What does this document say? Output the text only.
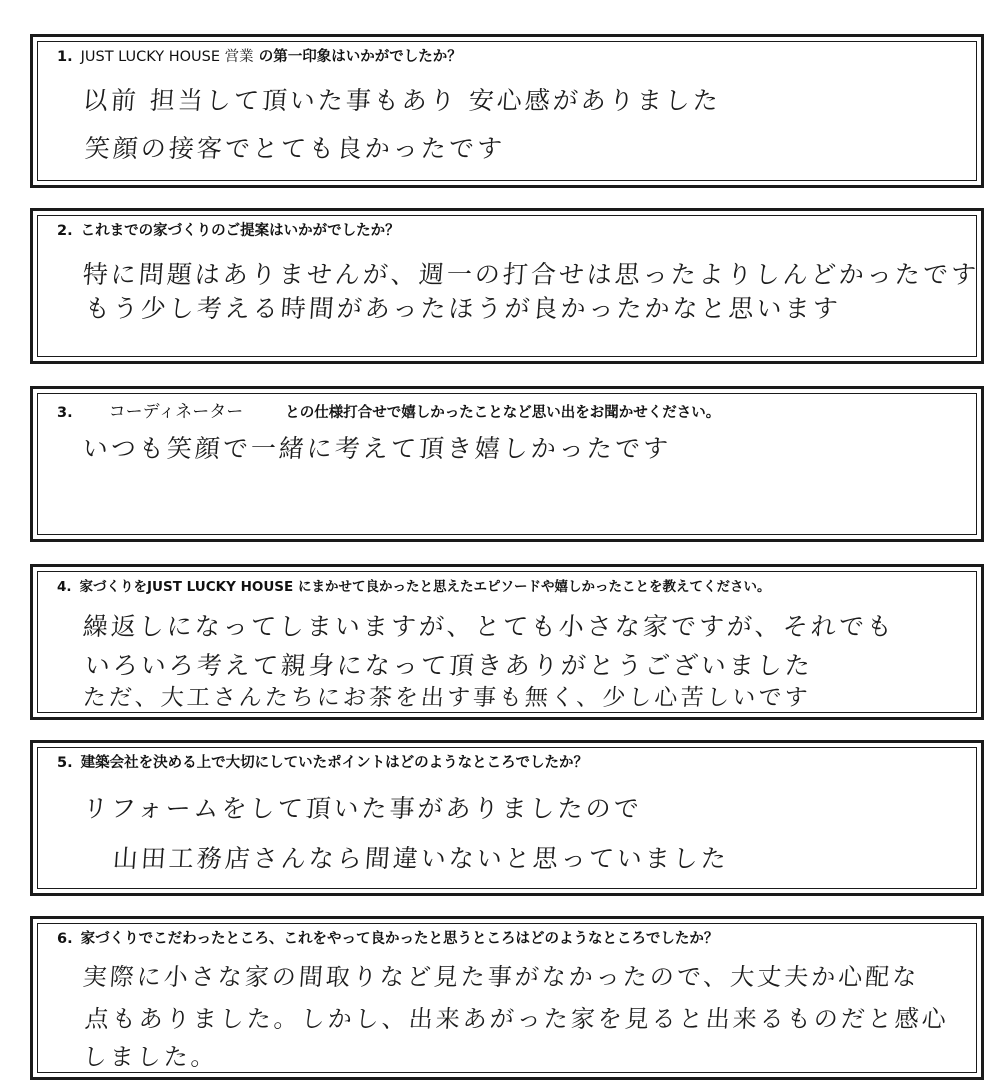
1. JUST LUCKY HOUSE 営業 の第一印象はいかがでしたか？
以前 担当して頂いた事もあり 安心感がありました
笑顔の接客でとても良かったです
2. これまでの家づくりのご提案はいかがでしたか？
特に問題はありませんが、週一の打合せは思ったよりしんどかったです
もう少し考える時間があったほうが良かったかなと思います
3. コーディネーター	との仕様打合せで嬉しかったことなど思い出をお聞かせください。
いつも笑顔で一緒に考えて頂き嬉しかったです
4. 家づくりをJUST LUCKY HOUSE にまかせて良かったと思えたエピソードや嬉しかったことを教えてください。
繰返しになってしまいますが、とても小さな家ですが、それでも
いろいろ考えて親身になって頂きありがとうございました
ただ、大工さんたちにお茶を出す事も無く、少し心苦しいです
5. 建築会社を決める上で大切にしていたポイントはどのようなところでしたか？
リフォームをして頂いた事がありましたので
山田工務店さんなら間違いないと思っていました
6. 家づくりでこだわったところ、これをやって良かったと思うところはどのようなところでしたか？
実際に小さな家の間取りなど見た事がなかったので、大丈夫か心配な
点もありました。しかし、出来あがった家を見ると出来るものだと感心
しました。
